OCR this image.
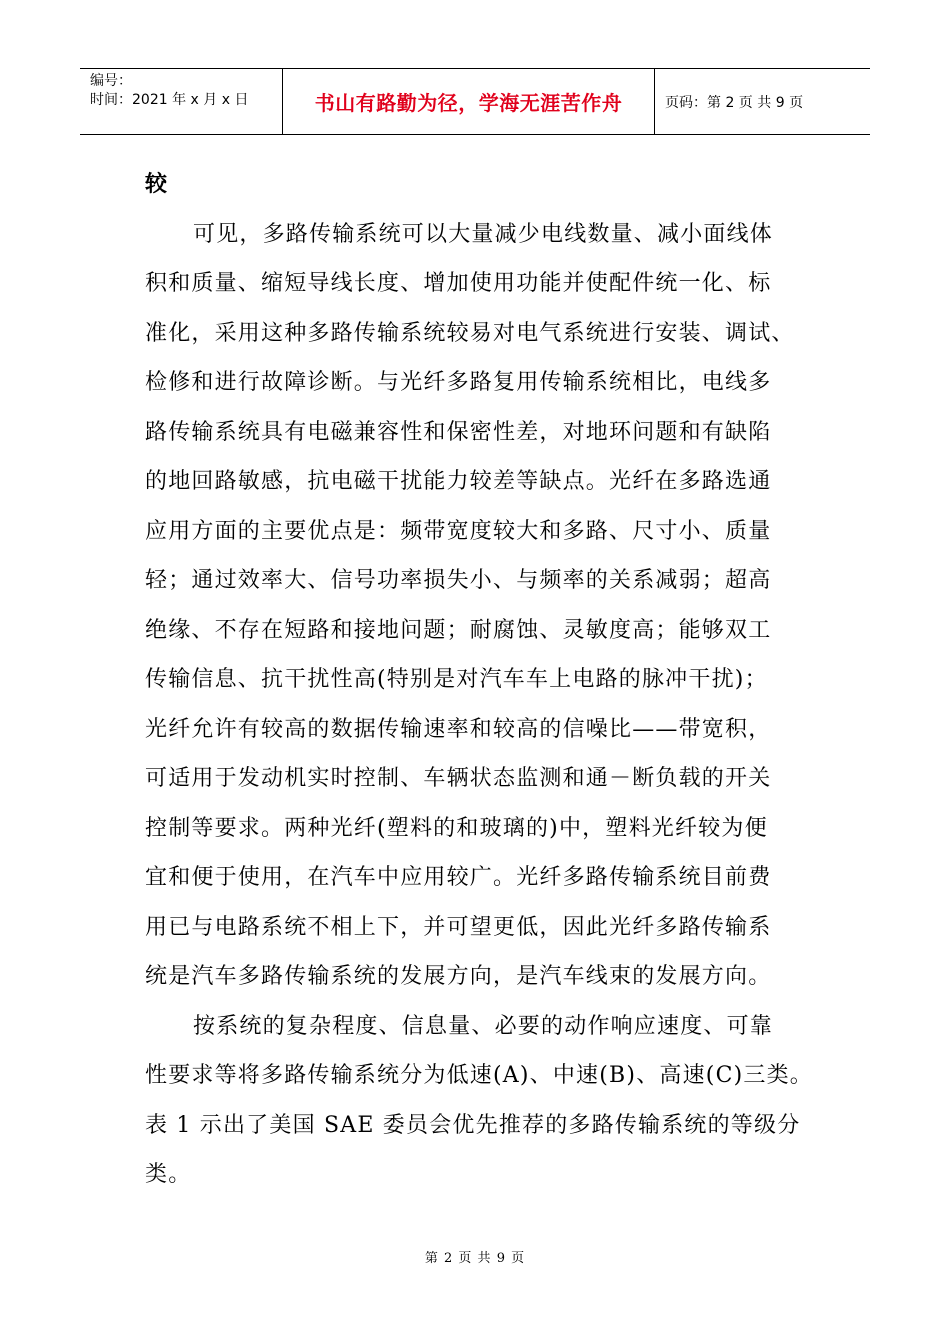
编号：
时间：2021 年 x 月 x 日	书山有路勤为径，学海无涯苦作舟	页码：第 2 页 共 9 页
较
可见，多路传输系统可以大量减少电线数量、减小面线体
积和质量、缩短导线长度、增加使用功能并使配件统一化、标
准化，采用这种多路传输系统较易对电气系统进行安装、调试、
检修和进行故障诊断。与光纤多路复用传输系统相比，电线多
路传输系统具有电磁兼容性和保密性差，对地环问题和有缺陷
的地回路敏感，抗电磁干扰能力较差等缺点。光纤在多路选通
应用方面的主要优点是：频带宽度较大和多路、尺寸小、质量
轻；通过效率大、信号功率损失小、与频率的关系减弱；超高
绝缘、不存在短路和接地问题；耐腐蚀、灵敏度高；能够双工
传输信息、抗干扰性高(特别是对汽车车上电路的脉冲干扰)；
光纤允许有较高的数据传输速率和较高的信噪比——带宽积，
可适用于发动机实时控制、车辆状态监测和通－断负载的开关
控制等要求。两种光纤(塑料的和玻璃的)中，塑料光纤较为便
宜和便于使用，在汽车中应用较广。光纤多路传输系统目前费
用已与电路系统不相上下，并可望更低，因此光纤多路传输系
统是汽车多路传输系统的发展方向，是汽车线束的发展方向。
按系统的复杂程度、信息量、必要的动作响应速度、可靠
性要求等将多路传输系统分为低速(A)、中速(B)、高速(C)三类。
表 1 示出了美国 SAE 委员会优先推荐的多路传输系统的等级分
类。
第 2 页 共 9 页
